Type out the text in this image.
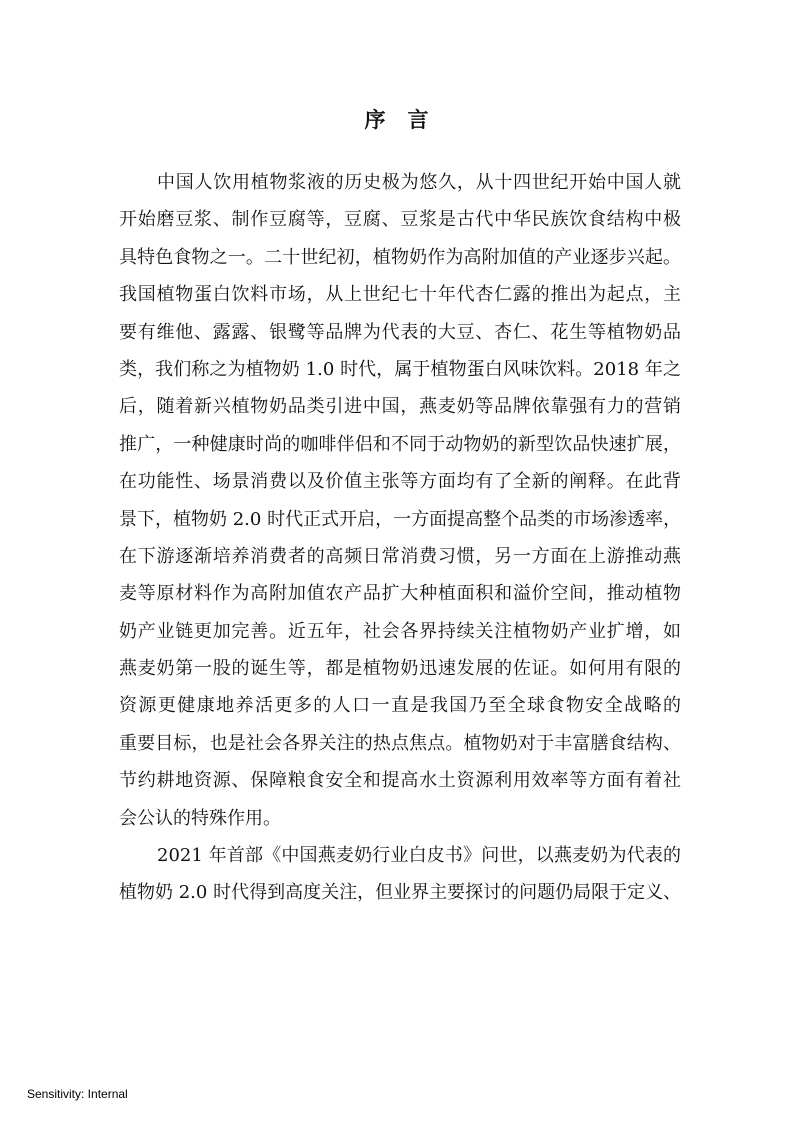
序 言
中国人饮用植物浆液的历史极为悠久，从十四世纪开始中国人就
开始磨豆浆、制作豆腐等，豆腐、豆浆是古代中华民族饮食结构中极
具特色食物之一。二十世纪初，植物奶作为高附加值的产业逐步兴起。
我国植物蛋白饮料市场，从上世纪七十年代杏仁露的推出为起点，主
要有维他、露露、银鹭等品牌为代表的大豆、杏仁、花生等植物奶品
类，我们称之为植物奶 1.0 时代，属于植物蛋白风味饮料。2018 年之
后，随着新兴植物奶品类引进中国，燕麦奶等品牌依靠强有力的营销
推广，一种健康时尚的咖啡伴侣和不同于动物奶的新型饮品快速扩展，
在功能性、场景消费以及价值主张等方面均有了全新的阐释。在此背
景下，植物奶 2.0 时代正式开启，一方面提高整个品类的市场渗透率，
在下游逐渐培养消费者的高频日常消费习惯，另一方面在上游推动燕
麦等原材料作为高附加值农产品扩大种植面积和溢价空间，推动植物
奶产业链更加完善。近五年，社会各界持续关注植物奶产业扩增，如
燕麦奶第一股的诞生等，都是植物奶迅速发展的佐证。如何用有限的
资源更健康地养活更多的人口一直是我国乃至全球食物安全战略的
重要目标，也是社会各界关注的热点焦点。植物奶对于丰富膳食结构、
节约耕地资源、保障粮食安全和提高水土资源利用效率等方面有着社
会公认的特殊作用。
2021 年首部《中国燕麦奶行业白皮书》问世，以燕麦奶为代表的
植物奶 2.0 时代得到高度关注，但业界主要探讨的问题仍局限于定义、
Sensitivity: Internal
